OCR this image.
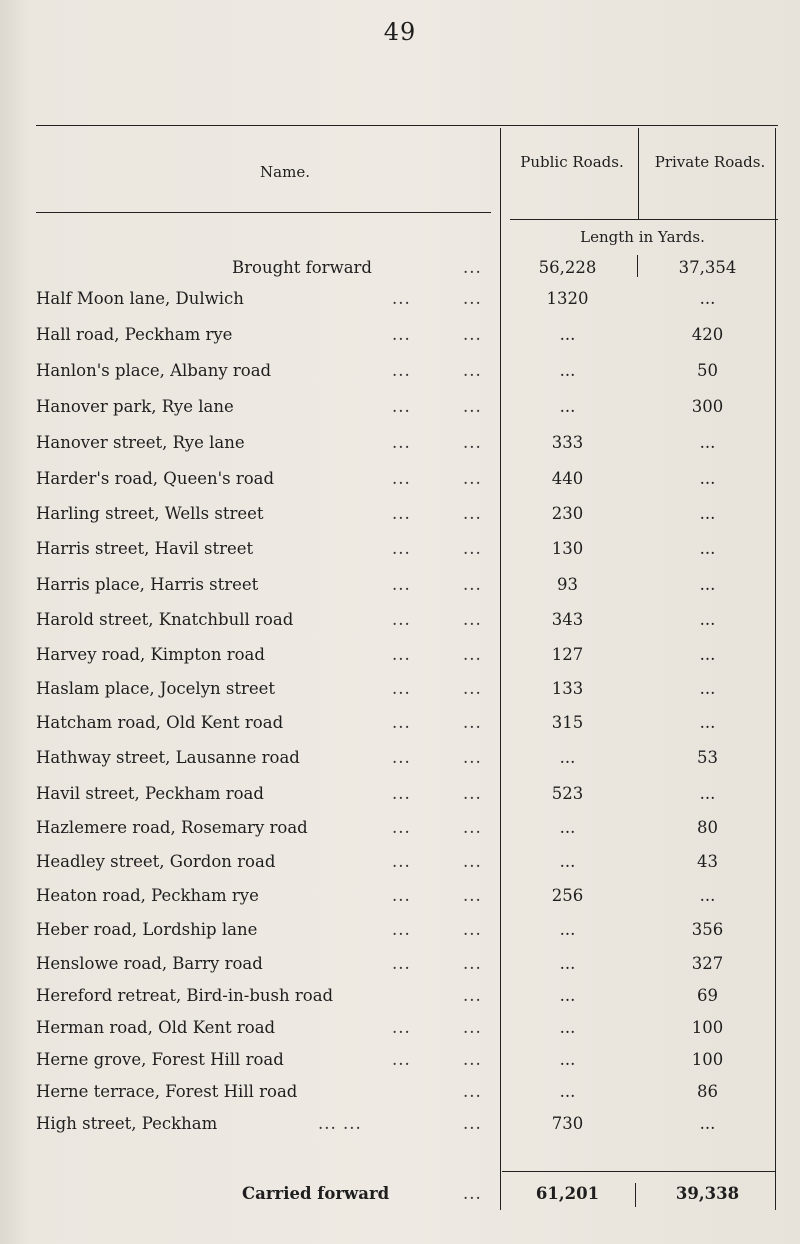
49
Name.
Public Roads.	Private Roads.
Length in Yards.
Brought forward	...	56,228	37,354
Half Moon lane, Dulwich	...	...	1320	...
Hall road, Peckham rye	...	...	...	420
Hanlon's place, Albany road	...	...	...	50
Hanover park, Rye lane	...	...	...	300
Hanover street, Rye lane	...	...	333	...
Harder's road, Queen's road	...	...	440	...
Harling street, Wells street	...	...	230	...
Harris street, Havil street	...	...	130	...
Harris place, Harris street	...	...	93	...
Harold street, Knatchbull road	...	...	343	...
Harvey road, Kimpton road	...	...	127	...
Haslam place, Jocelyn street	...	...	133	...
Hatcham road, Old Kent road	...	...	315	...
Hathway street, Lausanne road	...	...	...	53
Havil street, Peckham road	...	...	523	...
Hazlemere road, Rosemary road	...	...	...	80
Headley street, Gordon road	...	...	...	43
Heaton road, Peckham rye	...	...	256	...
Heber road, Lordship lane	...	...	...	356
Henslowe road, Barry road	...	...	...	327
Hereford retreat, Bird-in-bush road	...	...	69
Herman road, Old Kent road	...	...	...	100
Herne grove, Forest Hill road	...	...	...	100
Herne terrace, Forest Hill road	...	...	86
High street, Peckham	... ...	...	730	...
Carried forward	...	61,201	39,338
